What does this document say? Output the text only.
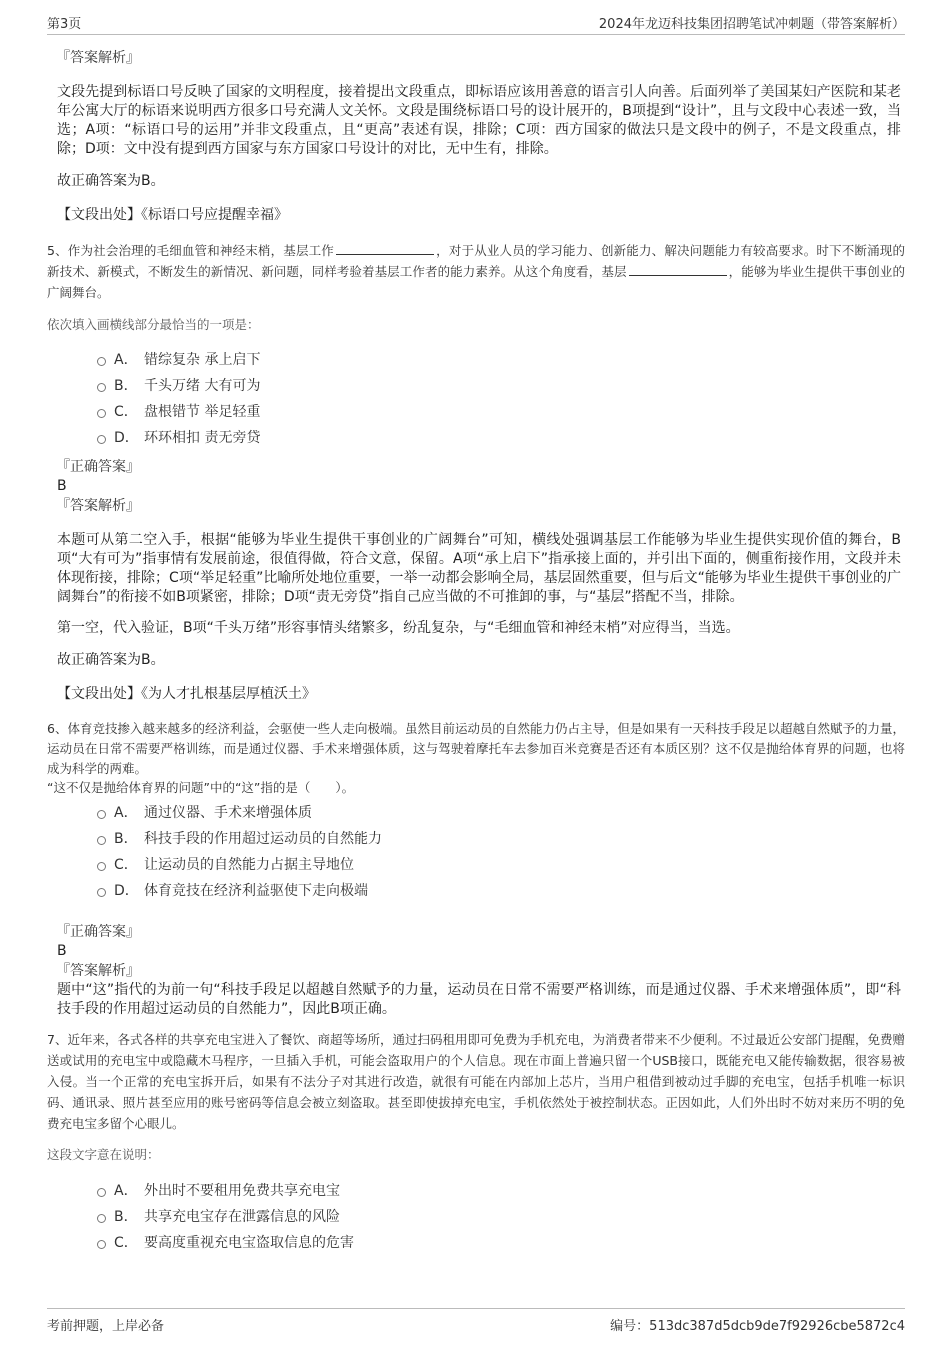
第3页	2024年龙迈科技集团招聘笔试冲刺题（带答案解析）
『答案解析』
文段先提到标语口号反映了国家的文明程度，接着提出文段重点，即标语应该用善意的语言引人向善。后面列举了美国某妇产医院和某老年公寓大厅的标语来说明西方很多口号充满人文关怀。文段是围绕标语口号的设计展开的，B项提到“设计”，且与文段中心表述一致，当选；A项：“标语口号的运用”并非文段重点，且“更高”表述有误，排除；C项：西方国家的做法只是文段中的例子，不是文段重点，排除；D项：文中没有提到西方国家与东方国家口号设计的对比，无中生有，排除。
故正确答案为B。
【文段出处】《标语口号应提醒幸福》
5、作为社会治理的毛细血管和神经末梢，基层工作	，对于从业人员的学习能力、创新能力、解决问题能力有较高要求。时下不断涌现的新技术、新模式，不断发生的新情况、新问题，同样考验着基层工作者的能力素养。从这个角度看，基层	，能够为毕业生提供干事创业的广阔舞台。
依次填入画横线部分最恰当的一项是：
A． 错综复杂 承上启下
B． 千头万绪 大有可为
C． 盘根错节 举足轻重
D． 环环相扣 责无旁贷
『正确答案』
B
『答案解析』
本题可从第二空入手，根据“能够为毕业生提供干事创业的广阔舞台”可知，横线处强调基层工作能够为毕业生提供实现价值的舞台，B项“大有可为”指事情有发展前途，很值得做，符合文意，保留。A项“承上启下”指承接上面的，并引出下面的，侧重衔接作用，文段并未体现衔接，排除；C项“举足轻重”比喻所处地位重要，一举一动都会影响全局，基层固然重要，但与后文“能够为毕业生提供干事创业的广阔舞台”的衔接不如B项紧密，排除；D项“责无旁贷”指自己应当做的不可推卸的事，与“基层”搭配不当，排除。
第一空，代入验证，B项“千头万绪”形容事情头绪繁多，纷乱复杂，与“毛细血管和神经末梢”对应得当，当选。
故正确答案为B。
【文段出处】《为人才扎根基层厚植沃土》
6、体育竞技掺入越来越多的经济利益，会驱使一些人走向极端。虽然目前运动员的自然能力仍占主导，但是如果有一天科技手段足以超越自然赋予的力量，运动员在日常不需要严格训练，而是通过仪器、手术来增强体质，这与驾驶着摩托车去参加百米竞赛是否还有本质区别？这不仅是抛给体育界的问题，也将成为科学的两难。
“这不仅是抛给体育界的问题”中的“这”指的是（　　）。
A． 通过仪器、手术来增强体质
B． 科技手段的作用超过运动员的自然能力
C． 让运动员的自然能力占据主导地位
D． 体育竞技在经济利益驱使下走向极端
『正确答案』
B
『答案解析』
题中“这”指代的为前一句“科技手段足以超越自然赋予的力量，运动员在日常不需要严格训练，而是通过仪器、手术来增强体质”，即“科技手段的作用超过运动员的自然能力”，因此B项正确。
7、近年来，各式各样的共享充电宝进入了餐饮、商超等场所，通过扫码租用即可免费为手机充电，为消费者带来不少便利。不过最近公安部门提醒，免费赠送或试用的充电宝中或隐藏木马程序，一旦插入手机，可能会盗取用户的个人信息。现在市面上普遍只留一个USB接口，既能充电又能传输数据，很容易被入侵。当一个正常的充电宝拆开后，如果有不法分子对其进行改造，就很有可能在内部加上芯片，当用户租借到被动过手脚的充电宝，包括手机唯一标识码、通讯录、照片甚至应用的账号密码等信息会被立刻盗取。甚至即使拔掉充电宝，手机依然处于被控制状态。正因如此，人们外出时不妨对来历不明的免费充电宝多留个心眼儿。
这段文字意在说明：
A． 外出时不要租用免费共享充电宝
B． 共享充电宝存在泄露信息的风险
C． 要高度重视充电宝盗取信息的危害
考前押题，上岸必备	编号：513dc387d5dcb9de7f92926cbe5872c4
